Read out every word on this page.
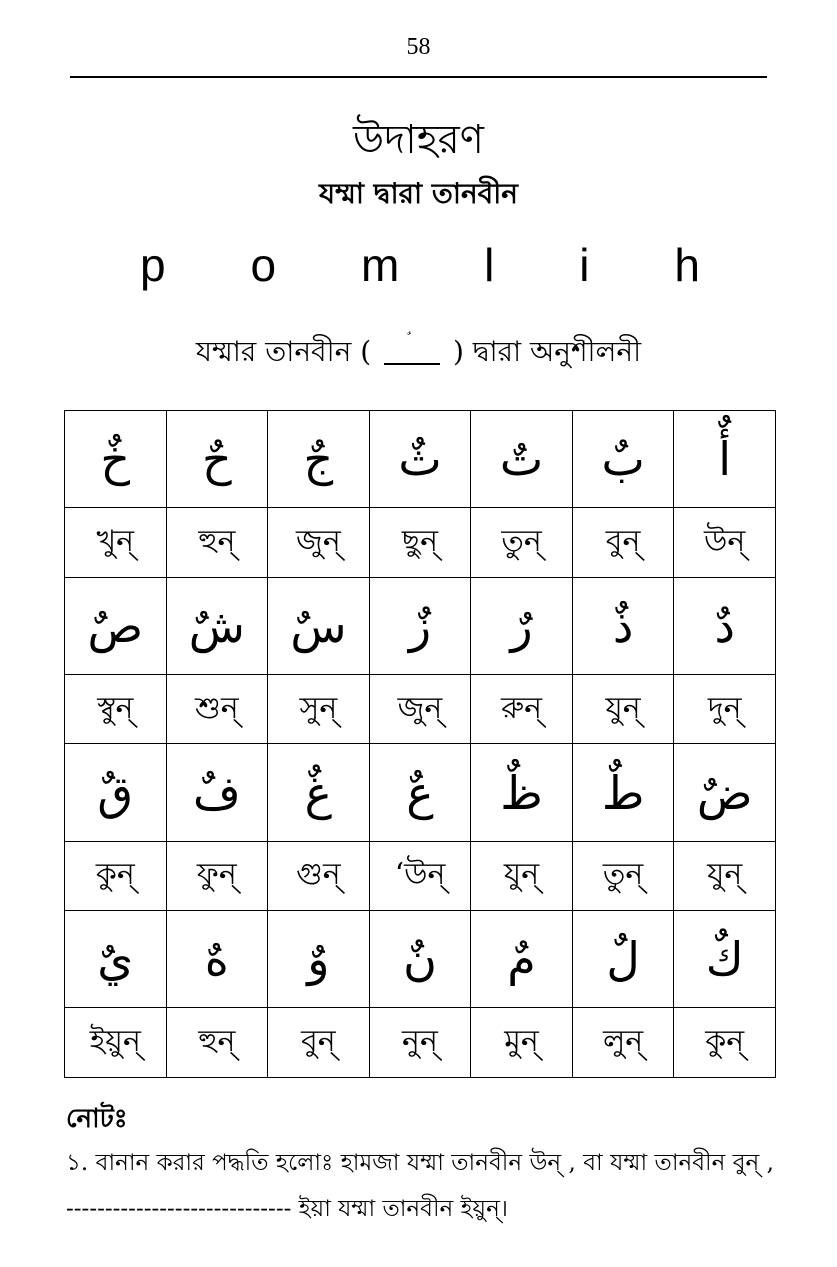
58
উদাহরণ
যম্মা দ্বারা তানবীন
p o m l i h
যম্মার তানবীন (	) দ্বারা অনুশীলনী
خٌ	حٌ	جٌ	ثٌ	تٌ	بٌ	أٌ
খুন্	হুন্	জুন্	ছুন্	তুন্	বুন্	উন্
صٌ	شٌ	سٌ	زٌ	رٌ	ذٌ	دٌ
স্বুন্	শুন্	সুন্	জুন্	রুন্	যুন্	দুন্
قٌ	فٌ	غٌ	عٌ	ظٌ	طٌ	ضٌ
কুন্	ফুন্	গুন্	‘উন্	যুন্	তুন্	যুন্
يٌ	هٌ	وٌ	نٌ	مٌ	لٌ	كٌ
ইয়ুন্	হুন্	বুন্	নুন্	মুন্	লুন্	কুন্
নোটঃ
১. বানান করার পদ্ধতি হলোঃ হামজা যম্মা তানবীন উন্ , বা যম্মা তানবীন বুন্ , ----------------------------- ইয়া যম্মা তানবীন ইয়ুন্।
